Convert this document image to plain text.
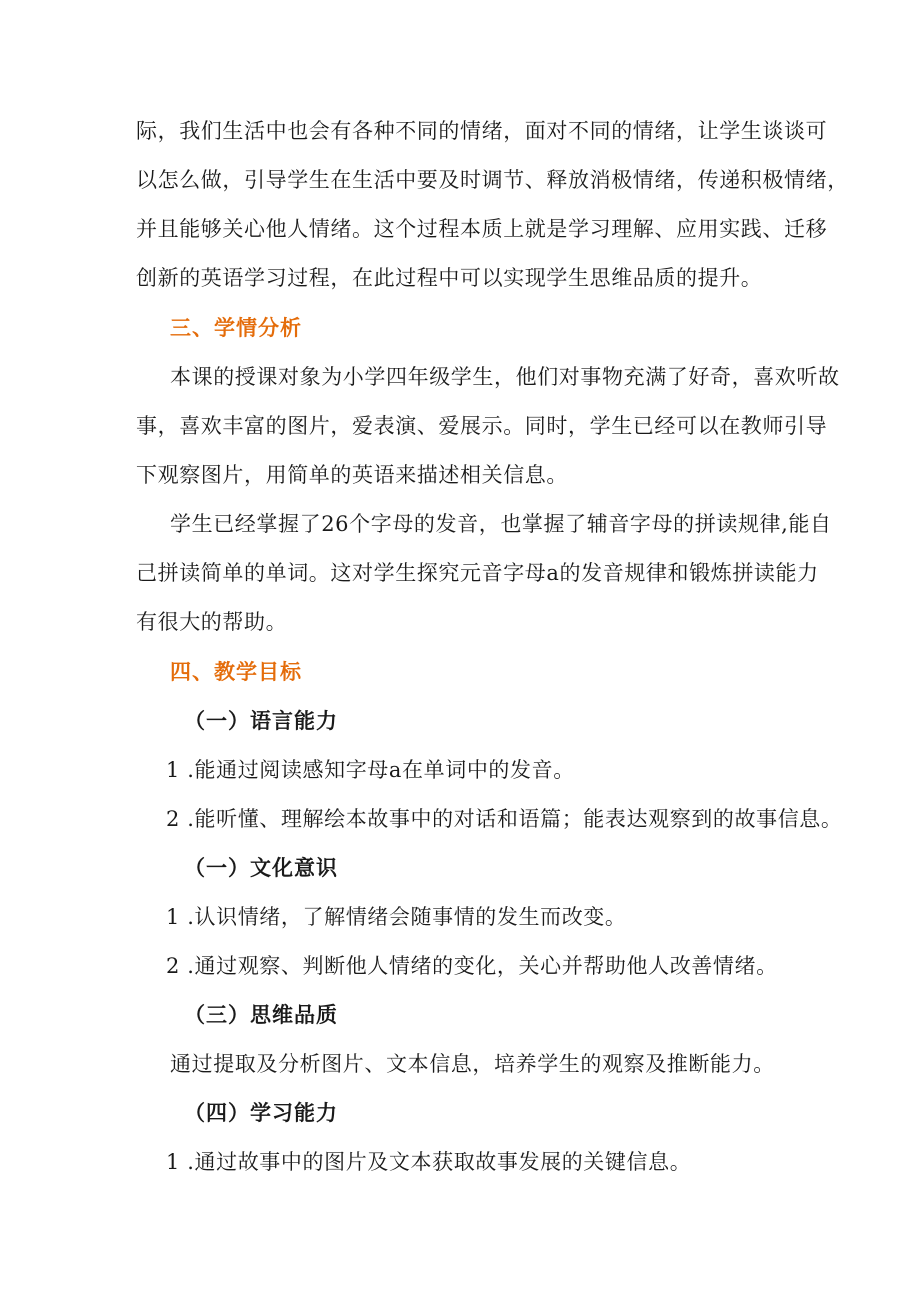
际，我们生活中也会有各种不同的情绪，面对不同的情绪，让学生谈谈可
以怎么做，引导学生在生活中要及时调节、释放消极情绪，传递积极情绪，
并且能够关心他人情绪。这个过程本质上就是学习理解、应用实践、迁移
创新的英语学习过程，在此过程中可以实现学生思维品质的提升。
三、学情分析
本课的授课对象为小学四年级学生，他们对事物充满了好奇，喜欢听故
事，喜欢丰富的图片，爱表演、爱展示。同时，学生已经可以在教师引导
下观察图片，用简单的英语来描述相关信息。
学生已经掌握了26个字母的发音，也掌握了辅音字母的拼读规律,能自
己拼读简单的单词。这对学生探究元音字母a的发音规律和锻炼拼读能力
有很大的帮助。
四、教学目标
（一）语言能力
1 .能通过阅读感知字母a在单词中的发音。
2 .能听懂、理解绘本故事中的对话和语篇；能表达观察到的故事信息。
（一）文化意识
1 .认识情绪，了解情绪会随事情的发生而改变。
2 .通过观察、判断他人情绪的变化，关心并帮助他人改善情绪。
（三）思维品质
通过提取及分析图片、文本信息，培养学生的观察及推断能力。
（四）学习能力
1 .通过故事中的图片及文本获取故事发展的关键信息。
